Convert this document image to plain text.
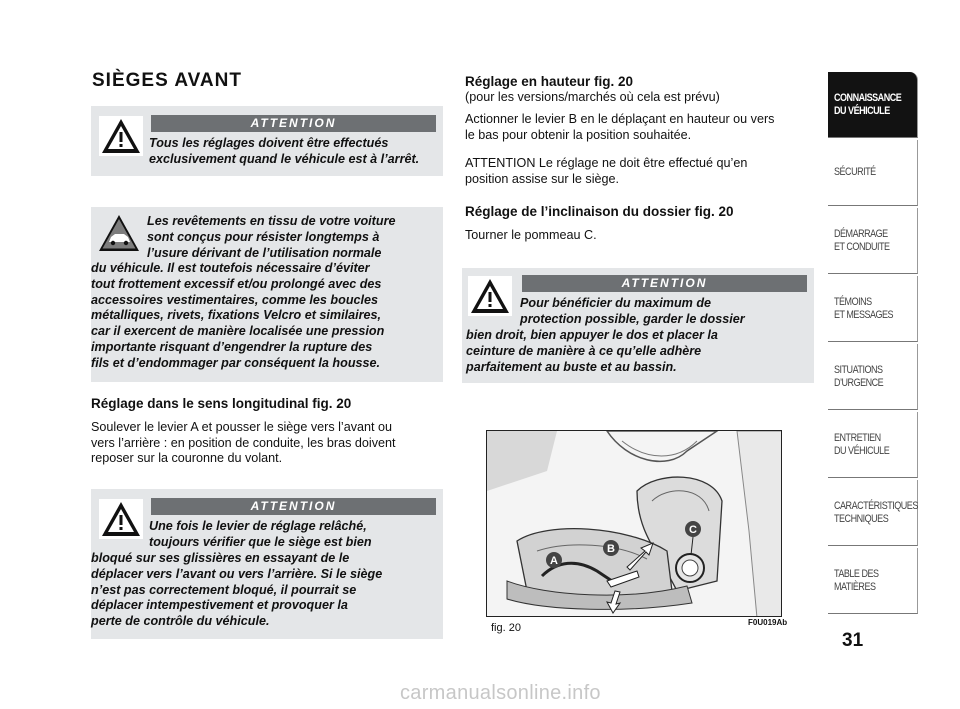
SIÈGES AVANT
ATTENTION
Tous les réglages doivent être effectués
exclusivement quand le véhicule est à l’arrêt.
Les revêtements en tissu de votre voiture
sont conçus pour résister longtemps à
l’usure dérivant de l’utilisation normale
du véhicule. Il est toutefois nécessaire d’éviter
tout frottement excessif et/ou prolongé avec des
accessoires vestimentaires, comme les boucles
métalliques, rivets, fixations Velcro et similaires,
car il exercent de manière localisée une pression
importante risquant d’engendrer la rupture des
fils et d’endommager par conséquent la housse.
Réglage dans le sens longitudinal fig. 20
Soulever le levier A et pousser le siège vers l’avant ou
vers l’arrière : en position de conduite, les bras doivent
reposer sur la couronne du volant.
ATTENTION
Une fois le levier de réglage relâché,
toujours vérifier que le siège est bien
bloqué sur ses glissières en essayant de le
déplacer vers l’avant ou vers l’arrière. Si le siège
n’est pas correctement bloqué, il pourrait se
déplacer intempestivement et provoquer la
perte de contrôle du véhicule.
Réglage en hauteur fig. 20
(pour les versions/marchés où cela est prévu)
Actionner le levier B en le déplaçant en hauteur ou vers
le bas pour obtenir la position souhaitée.
ATTENTION Le réglage ne doit être effectué qu’en
position assise sur le siège.
Réglage de l’inclinaison du dossier fig. 20
Tourner le pommeau C.
ATTENTION
Pour bénéficier du maximum de
protection possible, garder le dossier
bien droit, bien appuyer le dos et placer la
ceinture de manière à ce qu’elle adhère
parfaitement au buste et au bassin.
A
B
C
F0U019Ab
fig. 20
CONNAISSANCE
DU VÉHICULE
SÉCURITÉ
DÉMARRAGE
ET CONDUITE
TÉMOINS
ET MESSAGES
SITUATIONS
D’URGENCE
ENTRETIEN
DU VÉHICULE
CARACTÉRISTIQUES
TECHNIQUES
TABLE DES
MATIÈRES
31
carmanualsonline.info
